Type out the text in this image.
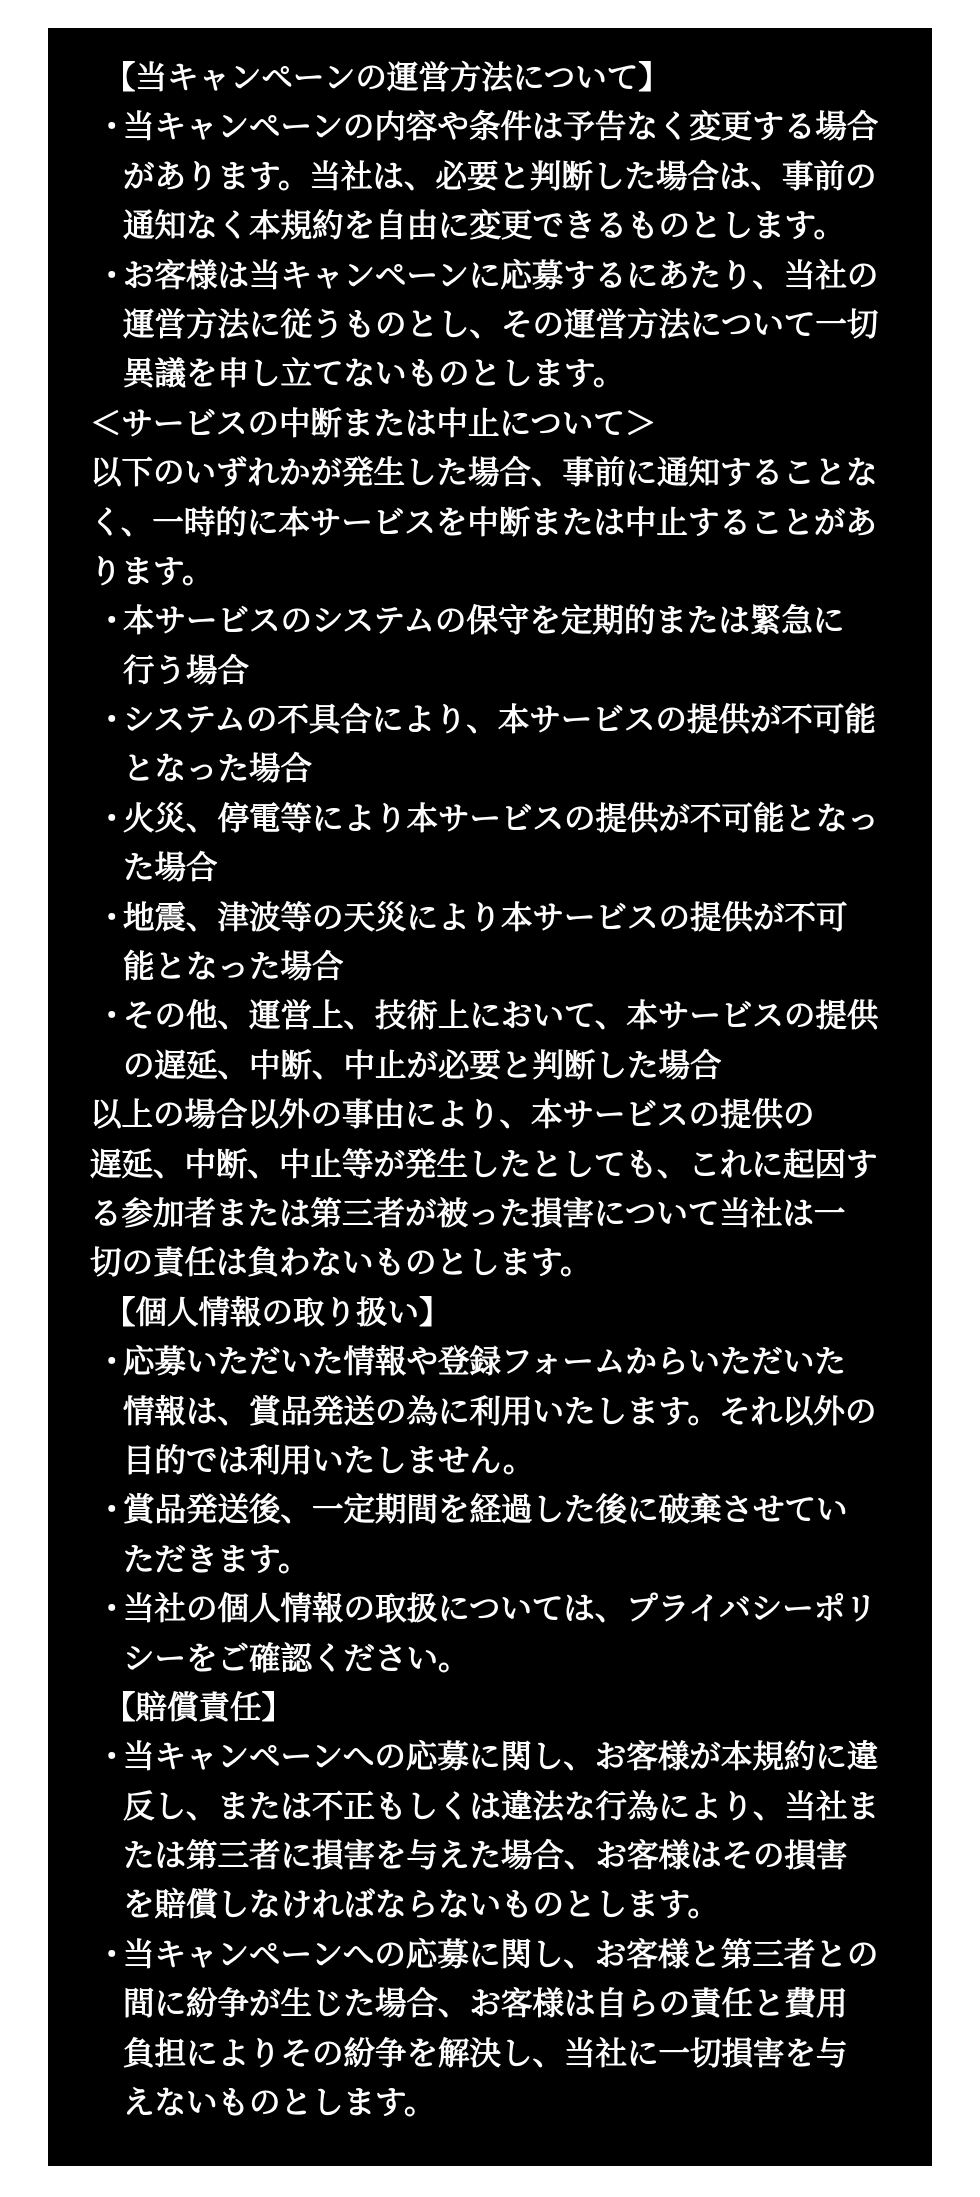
【当キャンペーンの運営方法について】
・当キャンペーンの内容や条件は予告なく変更する場合
があります。当社は、必要と判断した場合は、事前の
通知なく本規約を自由に変更できるものとします。
・お客様は当キャンペーンに応募するにあたり、当社の
運営方法に従うものとし、その運営方法について一切
異議を申し立てないものとします。
＜サービスの中断または中止について＞
以下のいずれかが発生した場合、事前に通知することな
く、一時的に本サービスを中断または中止することがあ
ります。
・本サービスのシステムの保守を定期的または緊急に
行う場合
・システムの不具合により、本サービスの提供が不可能
となった場合
・火災、停電等により本サービスの提供が不可能となっ
た場合
・地震、津波等の天災により本サービスの提供が不可
能となった場合
・その他、運営上、技術上において、本サービスの提供
の遅延、中断、中止が必要と判断した場合
以上の場合以外の事由により、本サービスの提供の
遅延、中断、中止等が発生したとしても、これに起因す
る参加者または第三者が被った損害について当社は一
切の責任は負わないものとします。
【個人情報の取り扱い】
・応募いただいた情報や登録フォームからいただいた
情報は、賞品発送の為に利用いたします。それ以外の
目的では利用いたしません。
・賞品発送後、一定期間を経過した後に破棄させてい
ただきます。
・当社の個人情報の取扱については、プライバシーポリ
シーをご確認ください。
【賠償責任】
・当キャンペーンへの応募に関し、お客様が本規約に違
反し、または不正もしくは違法な行為により、当社ま
たは第三者に損害を与えた場合、お客様はその損害
を賠償しなければならないものとします。
・当キャンペーンへの応募に関し、お客様と第三者との
間に紛争が生じた場合、お客様は自らの責任と費用
負担によりその紛争を解決し、当社に一切損害を与
えないものとします。
